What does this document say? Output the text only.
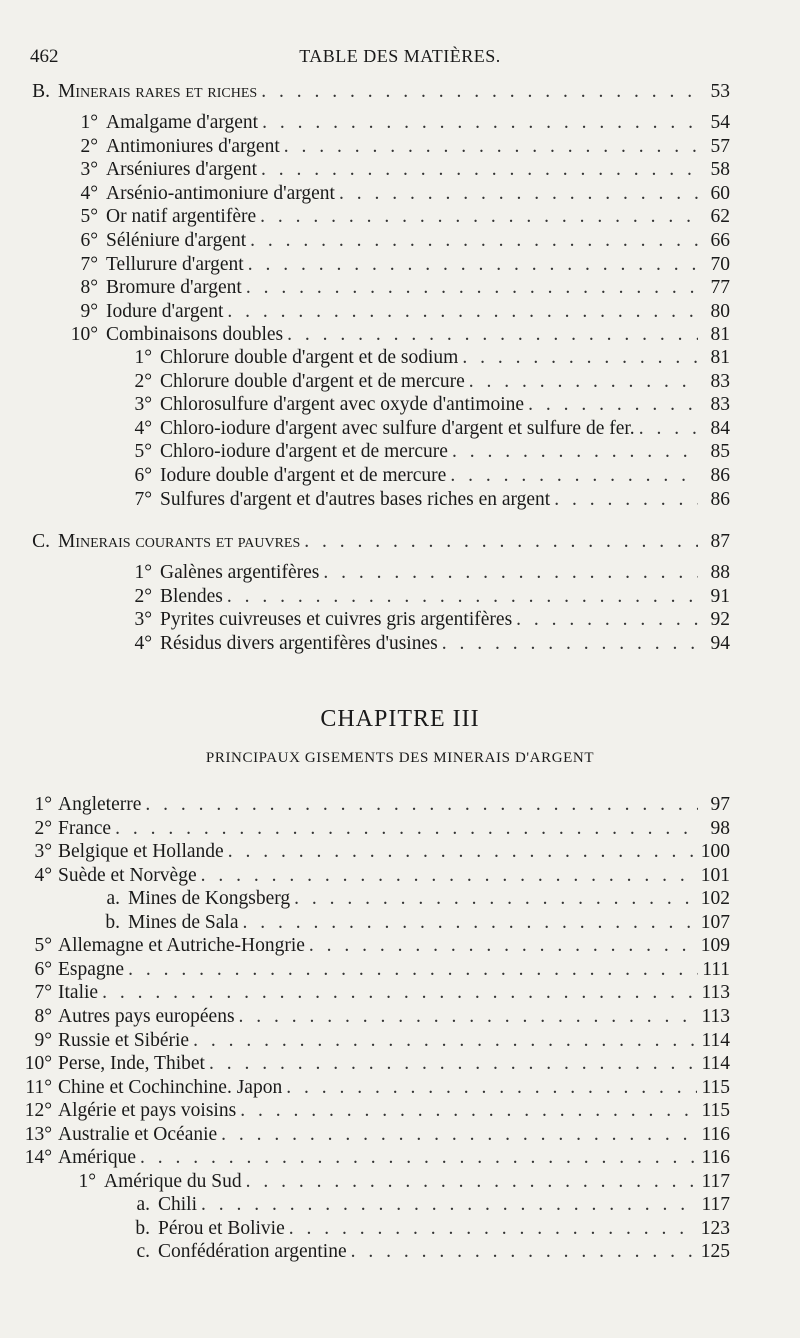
462	TABLE DES MATIÈRES.
CHAPITRE III
PRINCIPAUX GISEMENTS DES MINERAIS D'ARGENT
B. Minerais rares et riches . . .	53
1° Amalgame d'argent . . .	54
2° Antimoniures d'argent . . .	57
3° Arséniures d'argent . . .	58
4° Arsénio-antimoniure d'argent . . .	60
5° Or natif argentifère . . .	62
6° Séléniure d'argent . . .	66
7° Tellurure d'argent . . .	70
8° Bromure d'argent . . .	77
9° Iodure d'argent . . .	80
10° Combinaisons doubles . . .	81
1° Chlorure double d'argent et de sodium . . .	81
2° Chlorure double d'argent et de mercure . . .	83
3° Chlorosulfure d'argent avec oxyde d'antimoine . . .	83
4° Chloro-iodure d'argent avec sulfure d'argent et sulfure de fer. . . .	84
5° Chloro-iodure d'argent et de mercure . . .	85
6° Iodure double d'argent et de mercure . . .	86
7° Sulfures d'argent et d'autres bases riches en argent . . .	86
C. Minerais courants et pauvres . . .	87
1° Galènes argentifères . . .	88
2° Blendes . . .	91
3° Pyrites cuivreuses et cuivres gris argentifères . . .	92
4° Résidus divers argentifères d'usines . . .	94
1° Angleterre . . .	97
2° France . . .	98
3° Belgique et Hollande . . .	100
4° Suède et Norvège . . .	101
a. Mines de Kongsberg . . .	102
b. Mines de Sala . . .	107
5° Allemagne et Autriche-Hongrie . . .	109
6° Espagne . . .	111
7° Italie . . .	113
8° Autres pays européens . . .	113
9° Russie et Sibérie . . .	114
10° Perse, Inde, Thibet . . .	114
11° Chine et Cochinchine. Japon . . .	115
12° Algérie et pays voisins . . .	115
13° Australie et Océanie . . .	116
14° Amérique . . .	116
1° Amérique du Sud . . .	117
a. Chili . . .	117
b. Pérou et Bolivie . . .	123
c. Confédération argentine . . .	125
